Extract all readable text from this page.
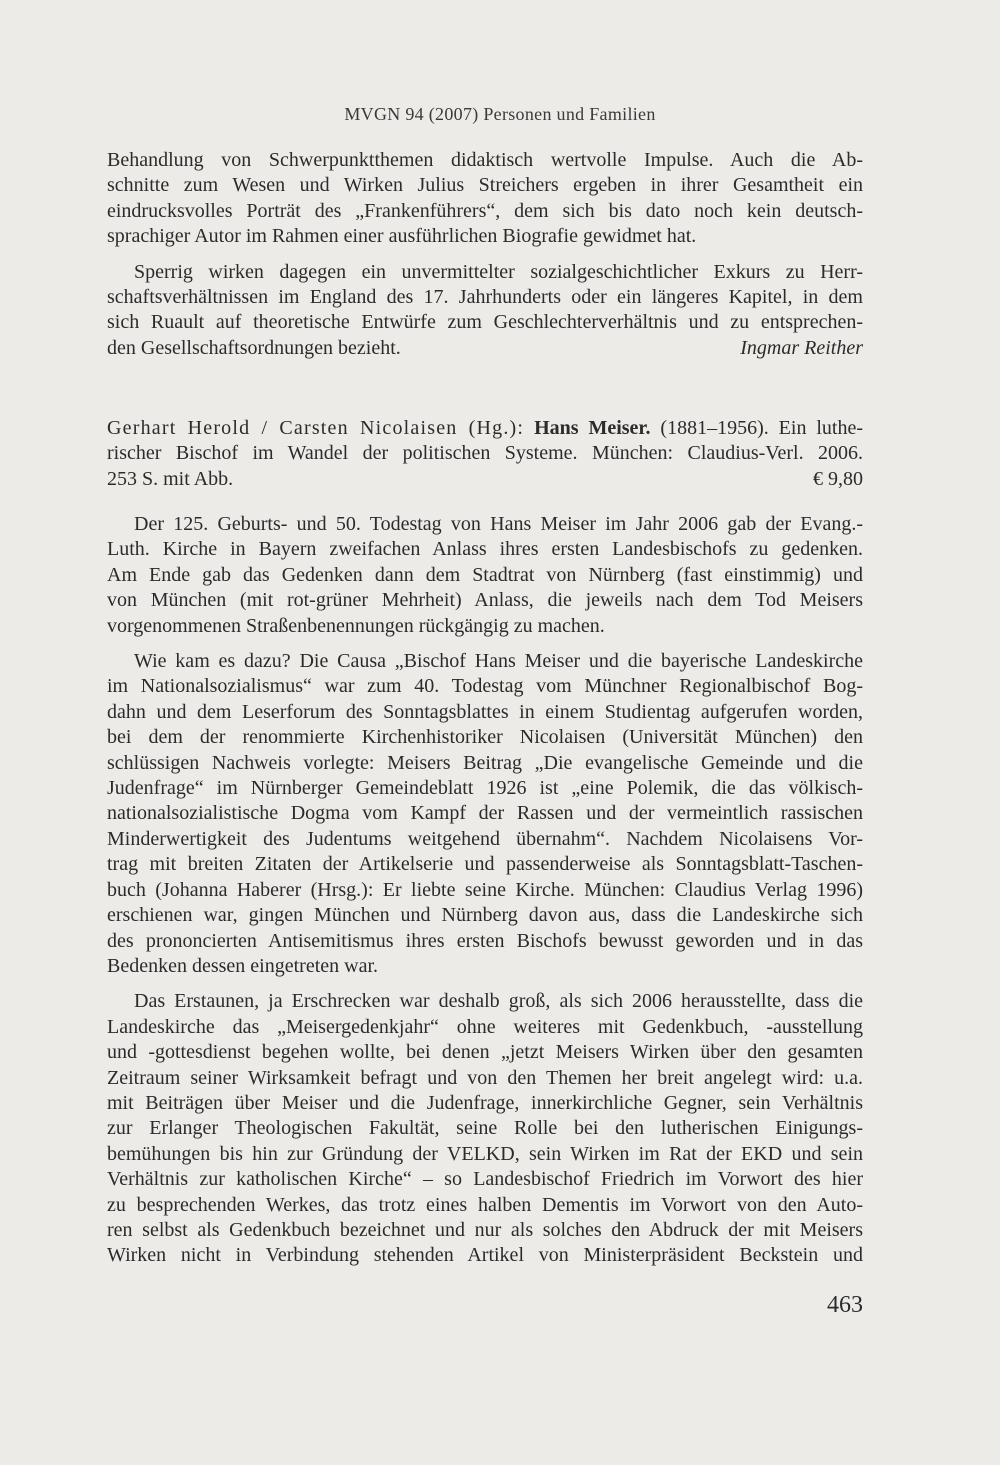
MVGN 94 (2007) Personen und Familien
Behandlung von Schwerpunktthemen didaktisch wertvolle Impulse. Auch die Ab-
schnitte zum Wesen und Wirken Julius Streichers ergeben in ihrer Gesamtheit ein
eindrucksvolles Porträt des „Frankenführers“, dem sich bis dato noch kein deutsch-
sprachiger Autor im Rahmen einer ausführlichen Biografie gewidmet hat.
Sperrig wirken dagegen ein unvermittelter sozialgeschichtlicher Exkurs zu Herr-
schaftsverhältnissen im England des 17. Jahrhunderts oder ein längeres Kapitel, in dem
sich Ruault auf theoretische Entwürfe zum Geschlechterverhältnis und zu entsprechen-
den Gesellschaftsordnungen bezieht.	Ingmar Reither
Gerhart Herold / Carsten Nicolaisen (Hg.): Hans Meiser. (1881–1956). Ein luthe-
rischer Bischof im Wandel der politischen Systeme. München: Claudius-Verl. 2006.
253 S. mit Abb.	€ 9,80
Der 125. Geburts- und 50. Todestag von Hans Meiser im Jahr 2006 gab der Evang.-
Luth. Kirche in Bayern zweifachen Anlass ihres ersten Landesbischofs zu gedenken.
Am Ende gab das Gedenken dann dem Stadtrat von Nürnberg (fast einstimmig) und
von München (mit rot-grüner Mehrheit) Anlass, die jeweils nach dem Tod Meisers
vorgenommenen Straßenbenennungen rückgängig zu machen.
Wie kam es dazu? Die Causa „Bischof Hans Meiser und die bayerische Landeskirche
im Nationalsozialismus“ war zum 40. Todestag vom Münchner Regionalbischof Bog-
dahn und dem Leserforum des Sonntagsblattes in einem Studientag aufgerufen worden,
bei dem der renommierte Kirchenhistoriker Nicolaisen (Universität München) den
schlüssigen Nachweis vorlegte: Meisers Beitrag „Die evangelische Gemeinde und die
Judenfrage“ im Nürnberger Gemeindeblatt 1926 ist „eine Polemik, die das völkisch-
nationalsozialistische Dogma vom Kampf der Rassen und der vermeintlich rassischen
Minderwertigkeit des Judentums weitgehend übernahm“. Nachdem Nicolaisens Vor-
trag mit breiten Zitaten der Artikelserie und passenderweise als Sonntagsblatt-Taschen-
buch (Johanna Haberer (Hrsg.): Er liebte seine Kirche. München: Claudius Verlag 1996)
erschienen war, gingen München und Nürnberg davon aus, dass die Landeskirche sich
des prononcierten Antisemitismus ihres ersten Bischofs bewusst geworden und in das
Bedenken dessen eingetreten war.
Das Erstaunen, ja Erschrecken war deshalb groß, als sich 2006 herausstellte, dass die
Landeskirche das „Meisergedenkjahr“ ohne weiteres mit Gedenkbuch, -ausstellung
und -gottesdienst begehen wollte, bei denen „jetzt Meisers Wirken über den gesamten
Zeitraum seiner Wirksamkeit befragt und von den Themen her breit angelegt wird: u.a.
mit Beiträgen über Meiser und die Judenfrage, innerkirchliche Gegner, sein Verhältnis
zur Erlanger Theologischen Fakultät, seine Rolle bei den lutherischen Einigungs-
bemühungen bis hin zur Gründung der VELKD, sein Wirken im Rat der EKD und sein
Verhältnis zur katholischen Kirche“ – so Landesbischof Friedrich im Vorwort des hier
zu besprechenden Werkes, das trotz eines halben Dementis im Vorwort von den Auto-
ren selbst als Gedenkbuch bezeichnet und nur als solches den Abdruck der mit Meisers
Wirken nicht in Verbindung stehenden Artikel von Ministerpräsident Beckstein und
463
